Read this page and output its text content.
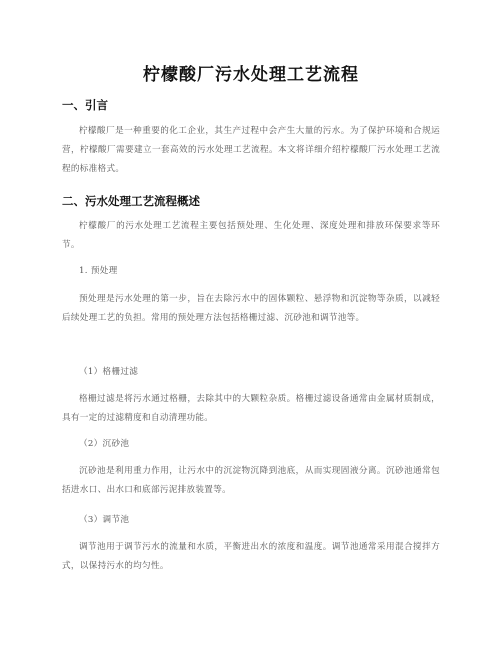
柠檬酸厂污水处理工艺流程
一、引言
柠檬酸厂是一种重要的化工企业，其生产过程中会产生大量的污水。为了保护环境和合规运营，柠檬酸厂需要建立一套高效的污水处理工艺流程。本文将详细介绍柠檬酸厂污水处理工艺流程的标准格式。
二、污水处理工艺流程概述
柠檬酸厂的污水处理工艺流程主要包括预处理、生化处理、深度处理和排放环保要求等环节。
1. 预处理
预处理是污水处理的第一步，旨在去除污水中的固体颗粒、悬浮物和沉淀物等杂质，以减轻后续处理工艺的负担。常用的预处理方法包括格栅过滤、沉砂池和调节池等。
（1）格栅过滤
格栅过滤是将污水通过格栅，去除其中的大颗粒杂质。格栅过滤设备通常由金属材质制成，具有一定的过滤精度和自动清理功能。
（2）沉砂池
沉砂池是利用重力作用，让污水中的沉淀物沉降到池底，从而实现固液分离。沉砂池通常包括进水口、出水口和底部污泥排放装置等。
（3）调节池
调节池用于调节污水的流量和水质，平衡进出水的浓度和温度。调节池通常采用混合搅拌方式，以保持污水的均匀性。
